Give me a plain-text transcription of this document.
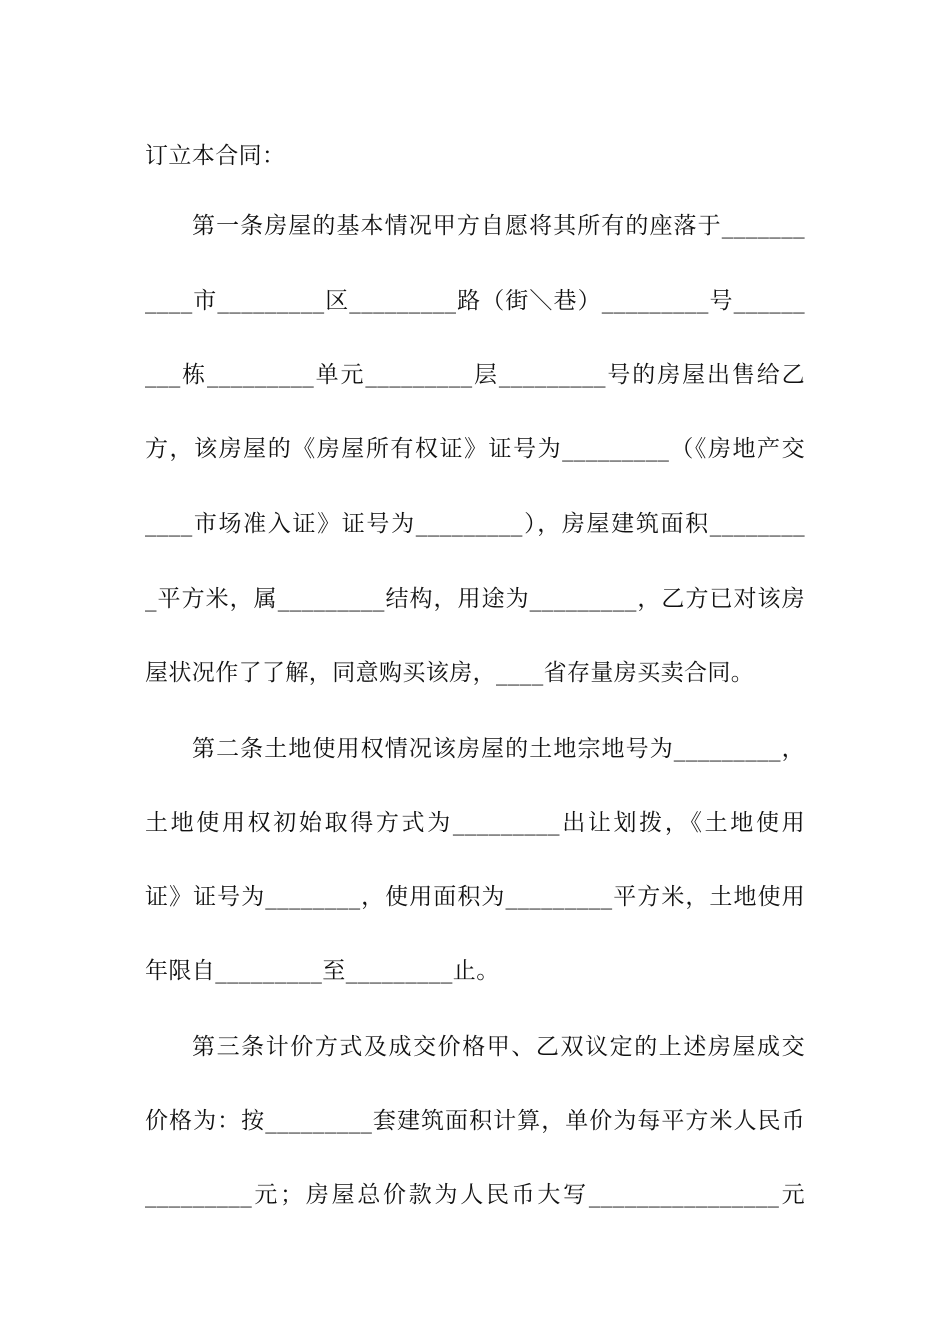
订立本合同：
第一条房屋的基本情况甲方自愿将其所有的座落于_______
____市_________区_________路（街＼巷）_________号______
___栋_________单元_________层_________号的房屋出售给乙
方，该房屋的《房屋所有权证》证号为_________（《房地产交
____市场准入证》证号为_________），房屋建筑面积________
_平方米，属_________结构，用途为_________，乙方已对该房
屋状况作了了解，同意购买该房，____省存量房买卖合同。
第二条土地使用权情况该房屋的土地宗地号为_________，
土地使用权初始取得方式为_________出让划拨，《土地使用
证》证号为________，使用面积为_________平方米，土地使用
年限自_________至_________止。
第三条计价方式及成交价格甲、乙双议定的上述房屋成交
价格为：按_________套建筑面积计算，单价为每平方米人民币
_________元；房屋总价款为人民币大写________________元
